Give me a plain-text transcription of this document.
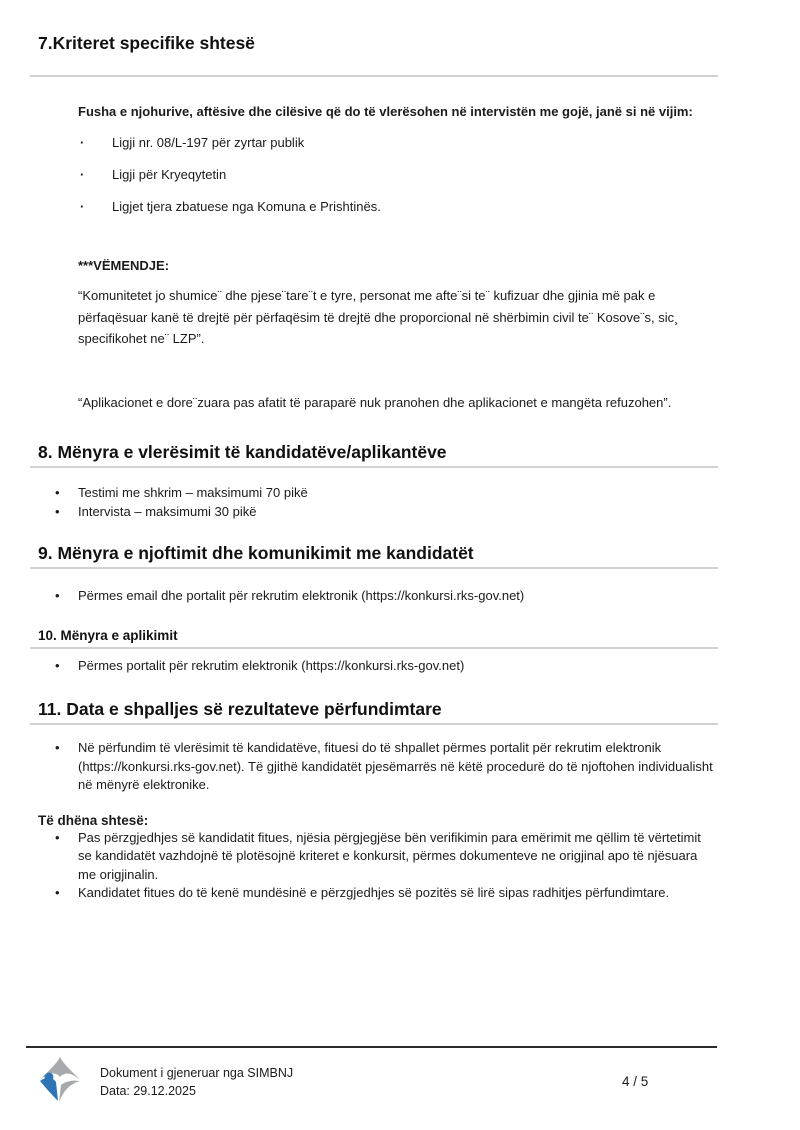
7.Kriteret specifike shtesë

Fusha e njohurive, aftësive dhe cilësive që do të vlerësohen në intervistën me gojë, janë si në vijim:

· Ligji nr. 08/L-197 për zyrtar publik
· Ligji për Kryeqytetin
· Ligjet tjera zbatuese nga Komuna e Prishtinës.

***VËMENDJE:

“Komunitetet jo shumice¨ dhe pjese¨tare¨t e tyre, personat me afte¨si te¨ kufizuar dhe gjinia më pak e përfaqësuar kanë të drejtë për përfaqësim të drejtë dhe proporcional në shërbimin civil te¨ Kosove¨s, sic¸ specifikohet ne¨ LZP”.

“Aplikacionet e dore¨zuara pas afatit të paraparë nuk pranohen dhe aplikacionet e mangëta refuzohen”.

8. Mënyra e vlerësimit të kandidatëve/aplikantëve
• Testimi me shkrim – maksimumi 70 pikë
• Intervista – maksimumi 30 pikë
9. Mënyra e njoftimit dhe komunikimit me kandidatët
• Përmes email dhe portalit për rekrutim elektronik (https://konkursi.rks-gov.net)
10. Mënyra e aplikimit
• Përmes portalit për rekrutim elektronik (https://konkursi.rks-gov.net)
11. Data e shpalljes së rezultateve përfundimtare
• Në përfundim të vlerësimit të kandidatëve, fituesi do të shpallet përmes portalit për rekrutim elektronik (https://konkursi.rks-gov.net). Të gjithë kandidatët pjesëmarrës në këtë procedurë do të njoftohen individualisht në mënyrë elektronike.

Të dhëna shtesë:

• Pas përzgjedhjes së kandidatit fitues, njësia përgjegjëse bën verifikimin para emërimit me qëllim të vërtetimit se kandidatët vazhdojnë të plotësojnë kriteret e konkursit, përmes dokumenteve ne origjinal apo të njësuara me origjinalin.
• Kandidatet fitues do të kenë mundësinë e përzgjedhjes së pozitës së lirë sipas radhitjes përfundimtare.
Dokument i gjeneruar nga SIMBNJ
Data: 29.12.2025
4 / 5
